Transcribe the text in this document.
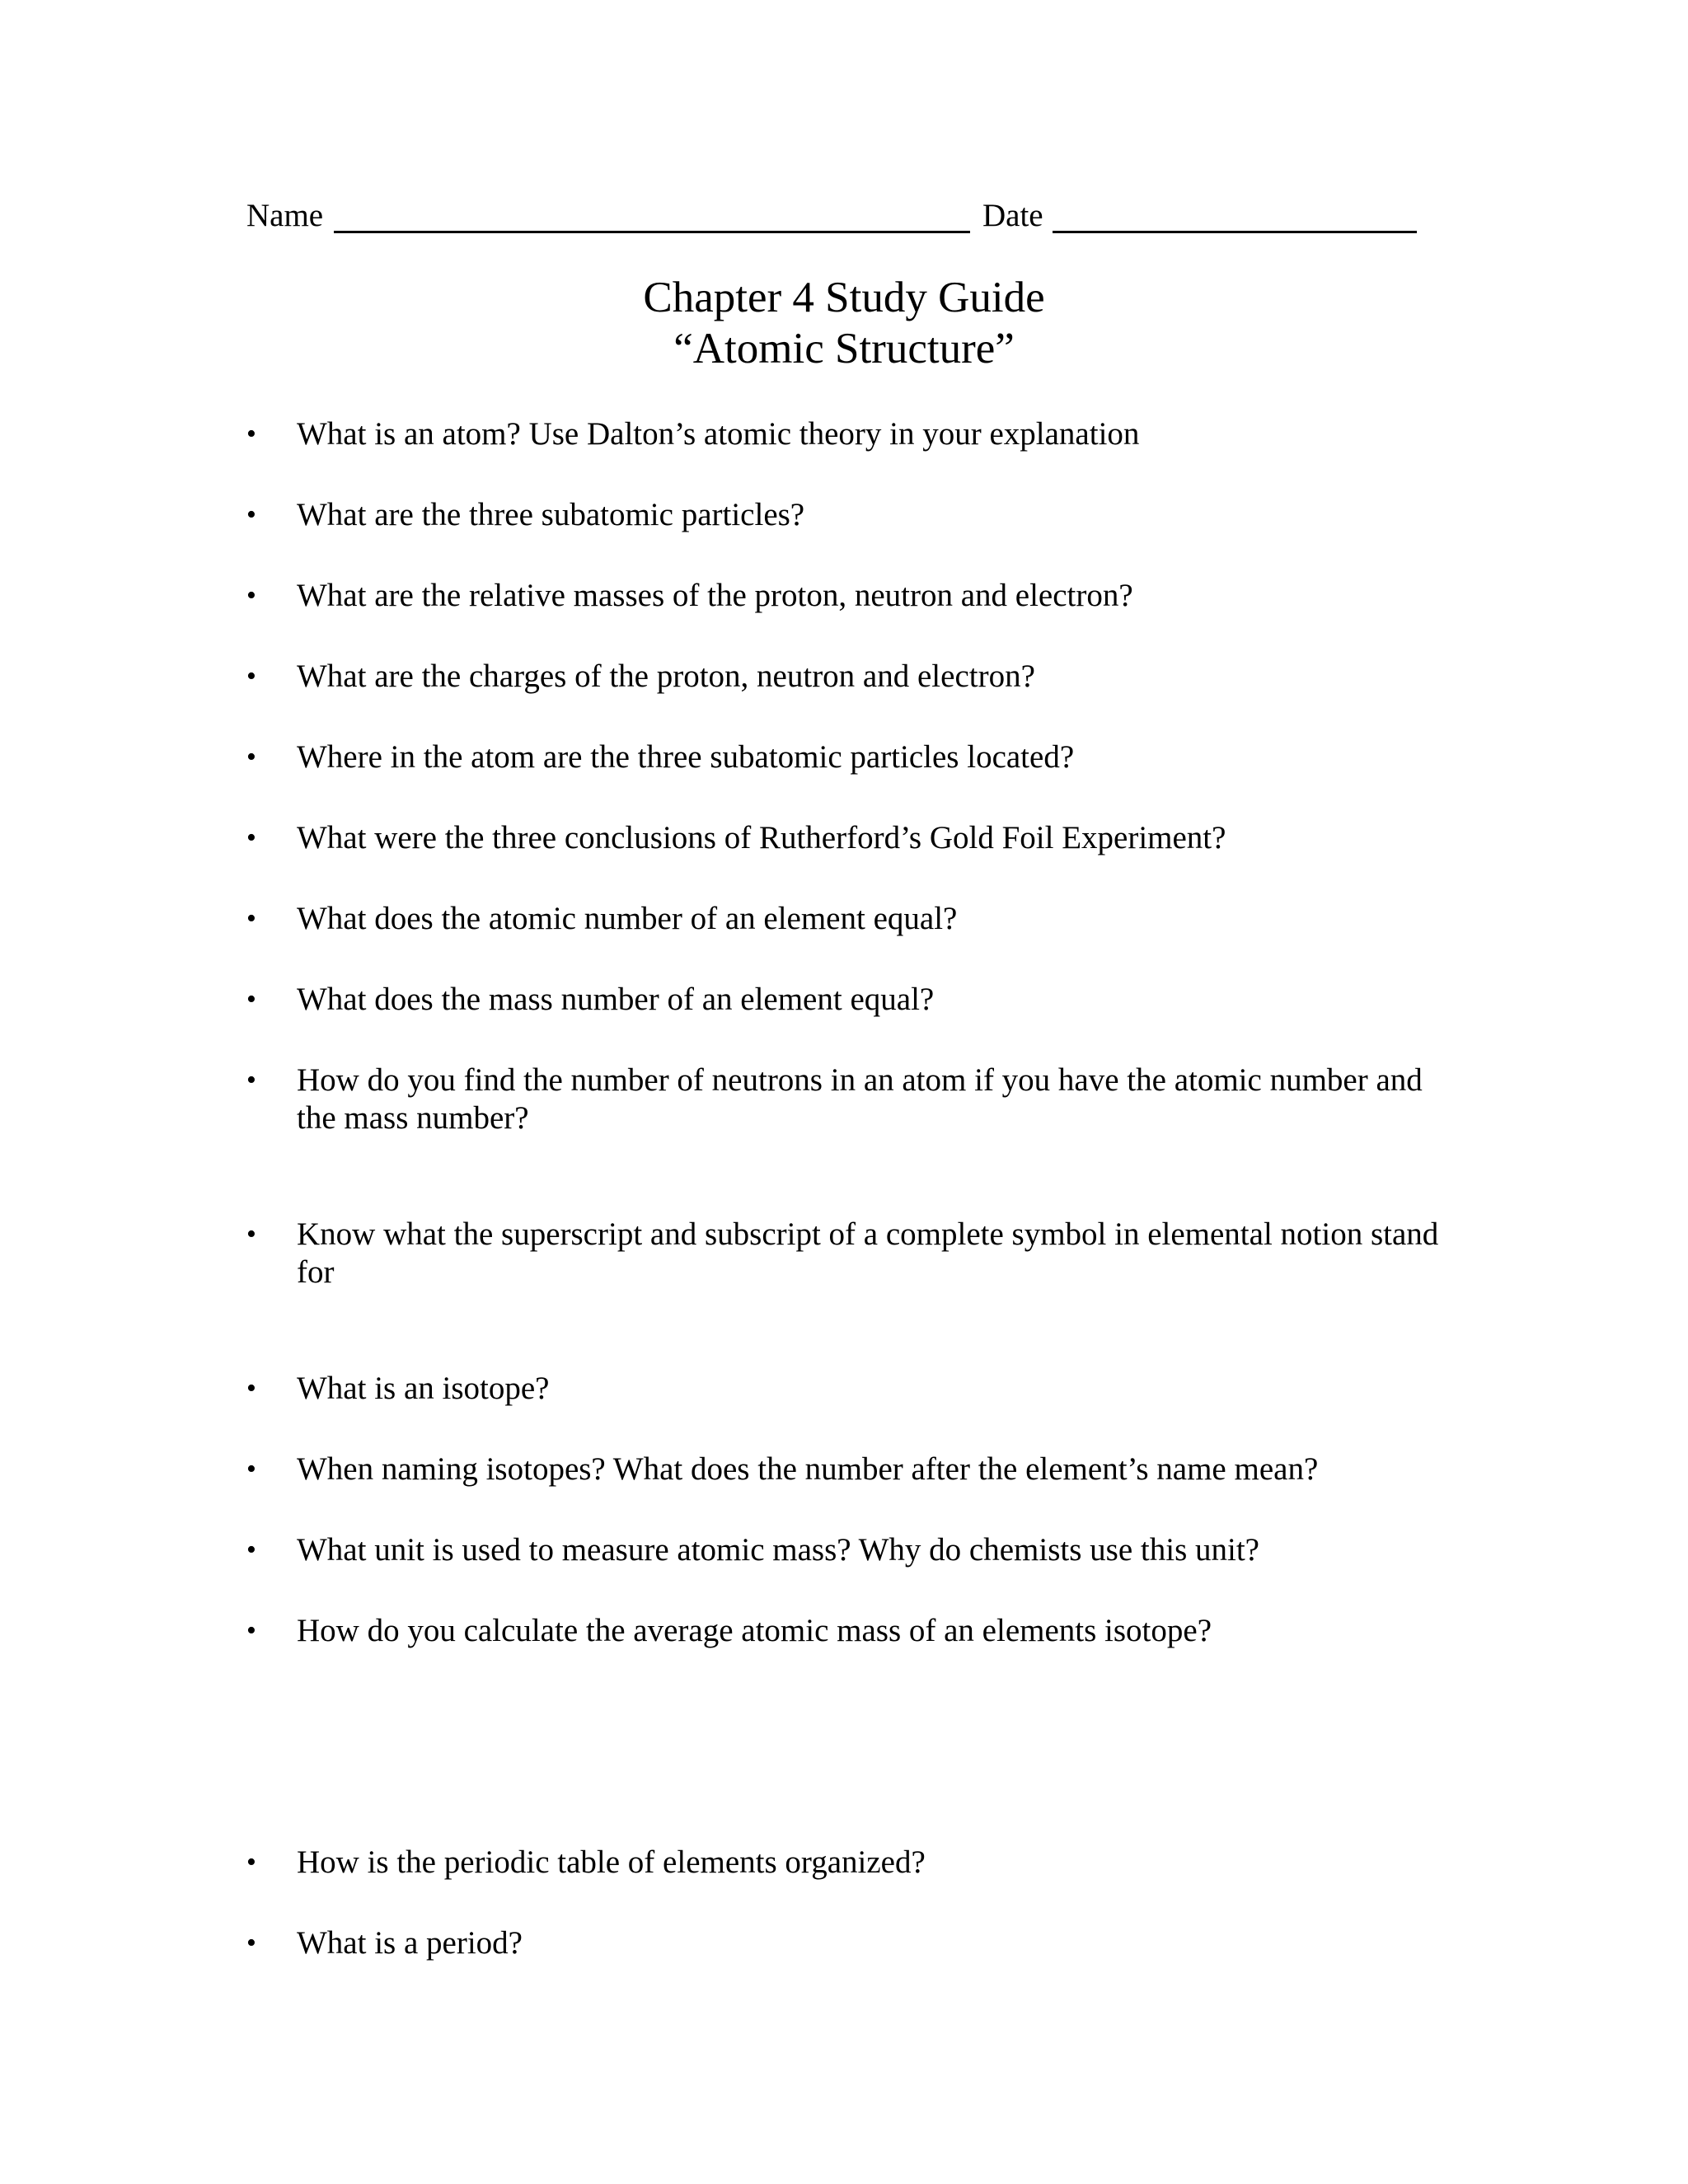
Name	Date
Chapter 4 Study Guide
“Atomic Structure”
• What is an atom? Use Dalton’s atomic theory in your explanation
• What are the three subatomic particles?
• What are the relative masses of the proton, neutron and electron?
• What are the charges of the proton, neutron and electron?
• Where in the atom are the three subatomic particles located?
• What were the three conclusions of Rutherford’s Gold Foil Experiment?
• What does the atomic number of an element equal?
• What does the mass number of an element equal?
• How do you find the number of neutrons in an atom if you have the atomic number and the mass number?
• Know what the superscript and subscript of a complete symbol in elemental notion stand for
• What is an isotope?
• When naming isotopes? What does the number after the element’s name mean?
• What unit is used to measure atomic mass? Why do chemists use this unit?
• How do you calculate the average atomic mass of an elements isotope?
• How is the periodic table of elements organized?
• What is a period?
